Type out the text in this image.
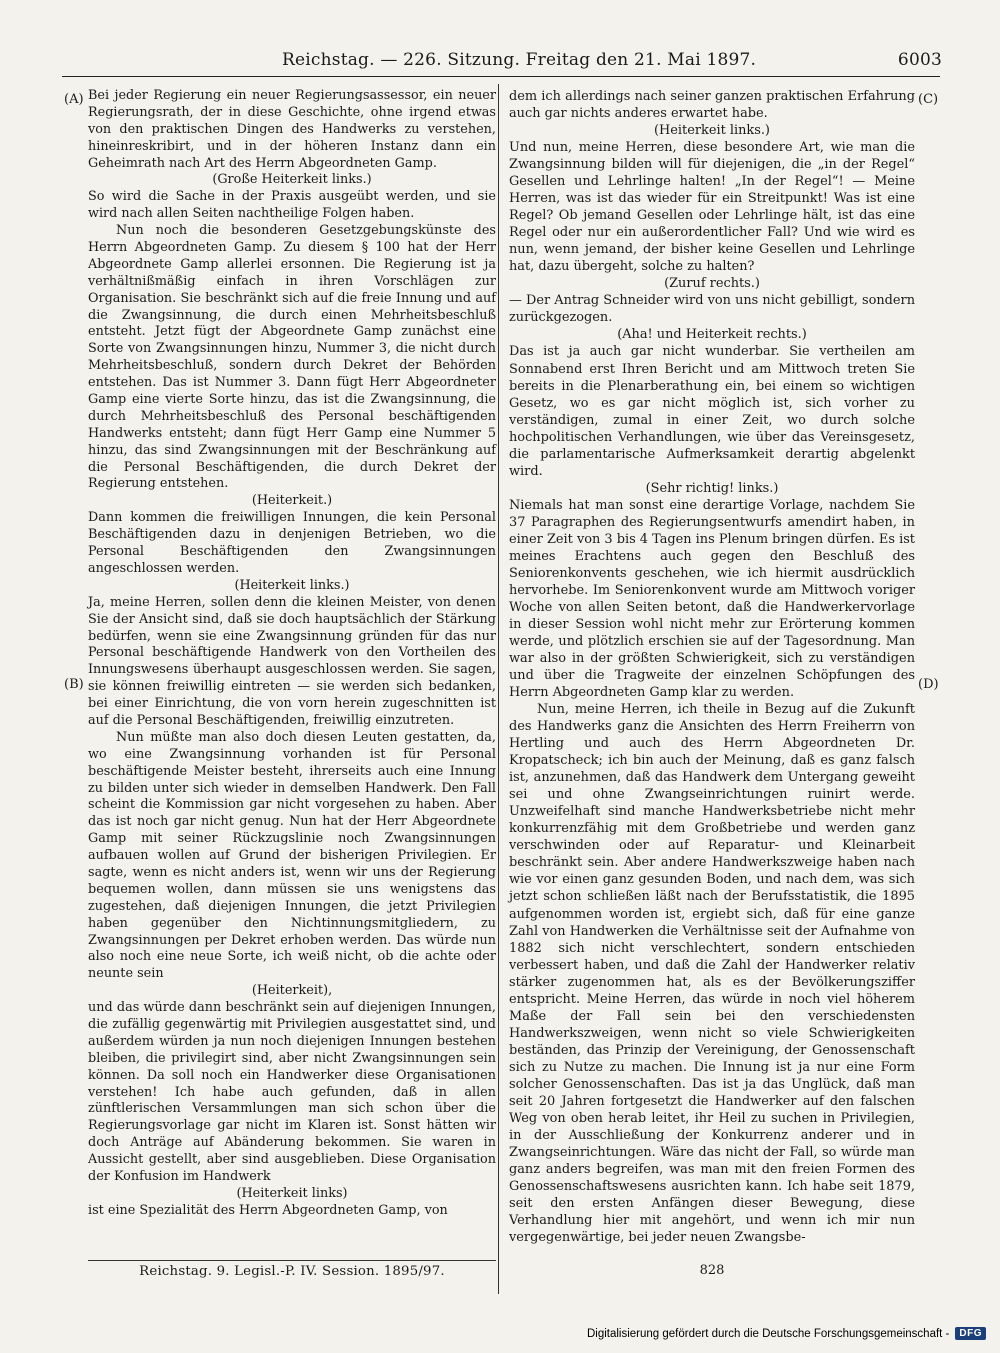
Reichstag. — 226. Sitzung. Freitag den 21. Mai 1897.	6003
(A)
(B)
(C)
(D)

Bei jeder Regierung ein neuer Regierungsassessor, ein neuer Regierungsrath, der in diese Geschichte, ohne irgend etwas von den praktischen Dingen des Handwerks zu verstehen, hineinreskribirt, und in der höheren Instanz dann ein Geheimrath nach Art des Herrn Abgeordneten Gamp.

(Große Heiterkeit links.)

So wird die Sache in der Praxis ausgeübt werden, und sie wird nach allen Seiten nachtheilige Folgen haben.

Nun noch die besonderen Gesetzgebungskünste des Herrn Abgeordneten Gamp. Zu diesem § 100 hat der Herr Abgeordnete Gamp allerlei ersonnen. Die Regierung ist ja verhältnißmäßig einfach in ihren Vorschlägen zur Organisation. Sie beschränkt sich auf die freie Innung und auf die Zwangsinnung, die durch einen Mehrheitsbeschluß entsteht. Jetzt fügt der Abgeordnete Gamp zunächst eine Sorte von Zwangsinnungen hinzu, Nummer 3, die nicht durch Mehrheitsbeschluß, sondern durch Dekret der Behörden entstehen. Das ist Nummer 3. Dann fügt Herr Abgeordneter Gamp eine vierte Sorte hinzu, das ist die Zwangsinnung, die durch Mehrheitsbeschluß des Personal beschäftigenden Handwerks entsteht; dann fügt Herr Gamp eine Nummer 5 hinzu, das sind Zwangsinnungen mit der Beschränkung auf die Personal Beschäftigenden, die durch Dekret der Regierung entstehen.

(Heiterkeit.)

Dann kommen die freiwilligen Innungen, die kein Personal Beschäftigenden dazu in denjenigen Betrieben, wo die Personal Beschäftigenden den Zwangsinnungen angeschlossen werden.

(Heiterkeit links.)

Ja, meine Herren, sollen denn die kleinen Meister, von denen Sie der Ansicht sind, daß sie doch hauptsächlich der Stärkung bedürfen, wenn sie eine Zwangsinnung gründen für das nur Personal beschäftigende Handwerk von den Vortheilen des Innungswesens überhaupt ausgeschlossen werden. Sie sagen, sie können freiwillig eintreten — sie werden sich bedanken, bei einer Einrichtung, die von vorn herein zugeschnitten ist auf die Personal Beschäftigenden, freiwillig einzutreten.

Nun müßte man also doch diesen Leuten gestatten, da, wo eine Zwangsinnung vorhanden ist für Personal beschäftigende Meister besteht, ihrerseits auch eine Innung zu bilden unter sich wieder in demselben Handwerk. Den Fall scheint die Kommission gar nicht vorgesehen zu haben. Aber das ist noch gar nicht genug. Nun hat der Herr Abgeordnete Gamp mit seiner Rückzugslinie noch Zwangsinnungen aufbauen wollen auf Grund der bisherigen Privilegien. Er sagte, wenn es nicht anders ist, wenn wir uns der Regierung bequemen wollen, dann müssen sie uns wenigstens das zugestehen, daß diejenigen Innungen, die jetzt Privilegien haben gegenüber den Nichtinnungsmitgliedern, zu Zwangsinnungen per Dekret erhoben werden. Das würde nun also noch eine neue Sorte, ich weiß nicht, ob die achte oder neunte sein

(Heiterkeit),

und das würde dann beschränkt sein auf diejenigen Innungen, die zufällig gegenwärtig mit Privilegien ausgestattet sind, und außerdem würden ja nun noch diejenigen Innungen bestehen bleiben, die privilegirt sind, aber nicht Zwangsinnungen sein können. Da soll noch ein Handwerker diese Organisationen verstehen! Ich habe auch gefunden, daß in allen zünftlerischen Versammlungen man sich schon über die Regierungsvorlage gar nicht im Klaren ist. Sonst hätten wir doch Anträge auf Abänderung bekommen. Sie waren in Aussicht gestellt, aber sind ausgeblieben. Diese Organisation der Konfusion im Handwerk

(Heiterkeit links)

ist eine Spezialität des Herrn Abgeordneten Gamp, von

dem ich allerdings nach seiner ganzen praktischen Erfahrung auch gar nichts anderes erwartet habe.

(Heiterkeit links.)

Und nun, meine Herren, diese besondere Art, wie man die Zwangsinnung bilden will für diejenigen, die „in der Regel“ Gesellen und Lehrlinge halten! „In der Regel“! — Meine Herren, was ist das wieder für ein Streitpunkt! Was ist eine Regel? Ob jemand Gesellen oder Lehrlinge hält, ist das eine Regel oder nur ein außerordentlicher Fall? Und wie wird es nun, wenn jemand, der bisher keine Gesellen und Lehrlinge hat, dazu übergeht, solche zu halten?

(Zuruf rechts.)

— Der Antrag Schneider wird von uns nicht gebilligt, sondern zurückgezogen.

(Aha! und Heiterkeit rechts.)

Das ist ja auch gar nicht wunderbar. Sie vertheilen am Sonnabend erst Ihren Bericht und am Mittwoch treten Sie bereits in die Plenarberathung ein, bei einem so wichtigen Gesetz, wo es gar nicht möglich ist, sich vorher zu verständigen, zumal in einer Zeit, wo durch solche hochpolitischen Verhandlungen, wie über das Vereinsgesetz, die parlamentarische Aufmerksamkeit derartig abgelenkt wird.

(Sehr richtig! links.)

Niemals hat man sonst eine derartige Vorlage, nachdem Sie 37 Paragraphen des Regierungsentwurfs amendirt haben, in einer Zeit von 3 bis 4 Tagen ins Plenum bringen dürfen. Es ist meines Erachtens auch gegen den Beschluß des Seniorenkonvents geschehen, wie ich hiermit ausdrücklich hervorhebe. Im Seniorenkonvent wurde am Mittwoch voriger Woche von allen Seiten betont, daß die Handwerkervorlage in dieser Session wohl nicht mehr zur Erörterung kommen werde, und plötzlich erschien sie auf der Tagesordnung. Man war also in der größten Schwierigkeit, sich zu verständigen und über die Tragweite der einzelnen Schöpfungen des Herrn Abgeordneten Gamp klar zu werden.

Nun, meine Herren, ich theile in Bezug auf die Zukunft des Handwerks ganz die Ansichten des Herrn Freiherrn von Hertling und auch des Herrn Abgeordneten Dr. Kropatscheck; ich bin auch der Meinung, daß es ganz falsch ist, anzunehmen, daß das Handwerk dem Untergang geweiht sei und ohne Zwangseinrichtungen ruinirt werde. Unzweifelhaft sind manche Handwerksbetriebe nicht mehr konkurrenzfähig mit dem Großbetriebe und werden ganz verschwinden oder auf Reparatur- und Kleinarbeit beschränkt sein. Aber andere Handwerkszweige haben nach wie vor einen ganz gesunden Boden, und nach dem, was sich jetzt schon schließen läßt nach der Berufsstatistik, die 1895 aufgenommen worden ist, ergiebt sich, daß für eine ganze Zahl von Handwerken die Verhältnisse seit der Aufnahme von 1882 sich nicht verschlechtert, sondern entschieden verbessert haben, und daß die Zahl der Handwerker relativ stärker zugenommen hat, als es der Bevölkerungsziffer entspricht. Meine Herren, das würde in noch viel höherem Maße der Fall sein bei den verschiedensten Handwerkszweigen, wenn nicht so viele Schwierigkeiten beständen, das Prinzip der Vereinigung, der Genossenschaft sich zu Nutze zu machen. Die Innung ist ja nur eine Form solcher Genossenschaften. Das ist ja das Unglück, daß man seit 20 Jahren fortgesetzt die Handwerker auf den falschen Weg von oben herab leitet, ihr Heil zu suchen in Privilegien, in der Ausschließung der Konkurrenz anderer und in Zwangseinrichtungen. Wäre das nicht der Fall, so würde man ganz anders begreifen, was man mit den freien Formen des Genossenschaftswesens ausrichten kann. Ich habe seit 1879, seit den ersten Anfängen dieser Bewegung, diese Verhandlung hier mit angehört, und wenn ich mir nun vergegenwärtige, bei jeder neuen Zwangsbe-

Reichstag. 9. Legisl.-P. IV. Session. 1895/97.	828
Digitalisierung gefördert durch die Deutsche Forschungsgemeinschaft -	DFG
